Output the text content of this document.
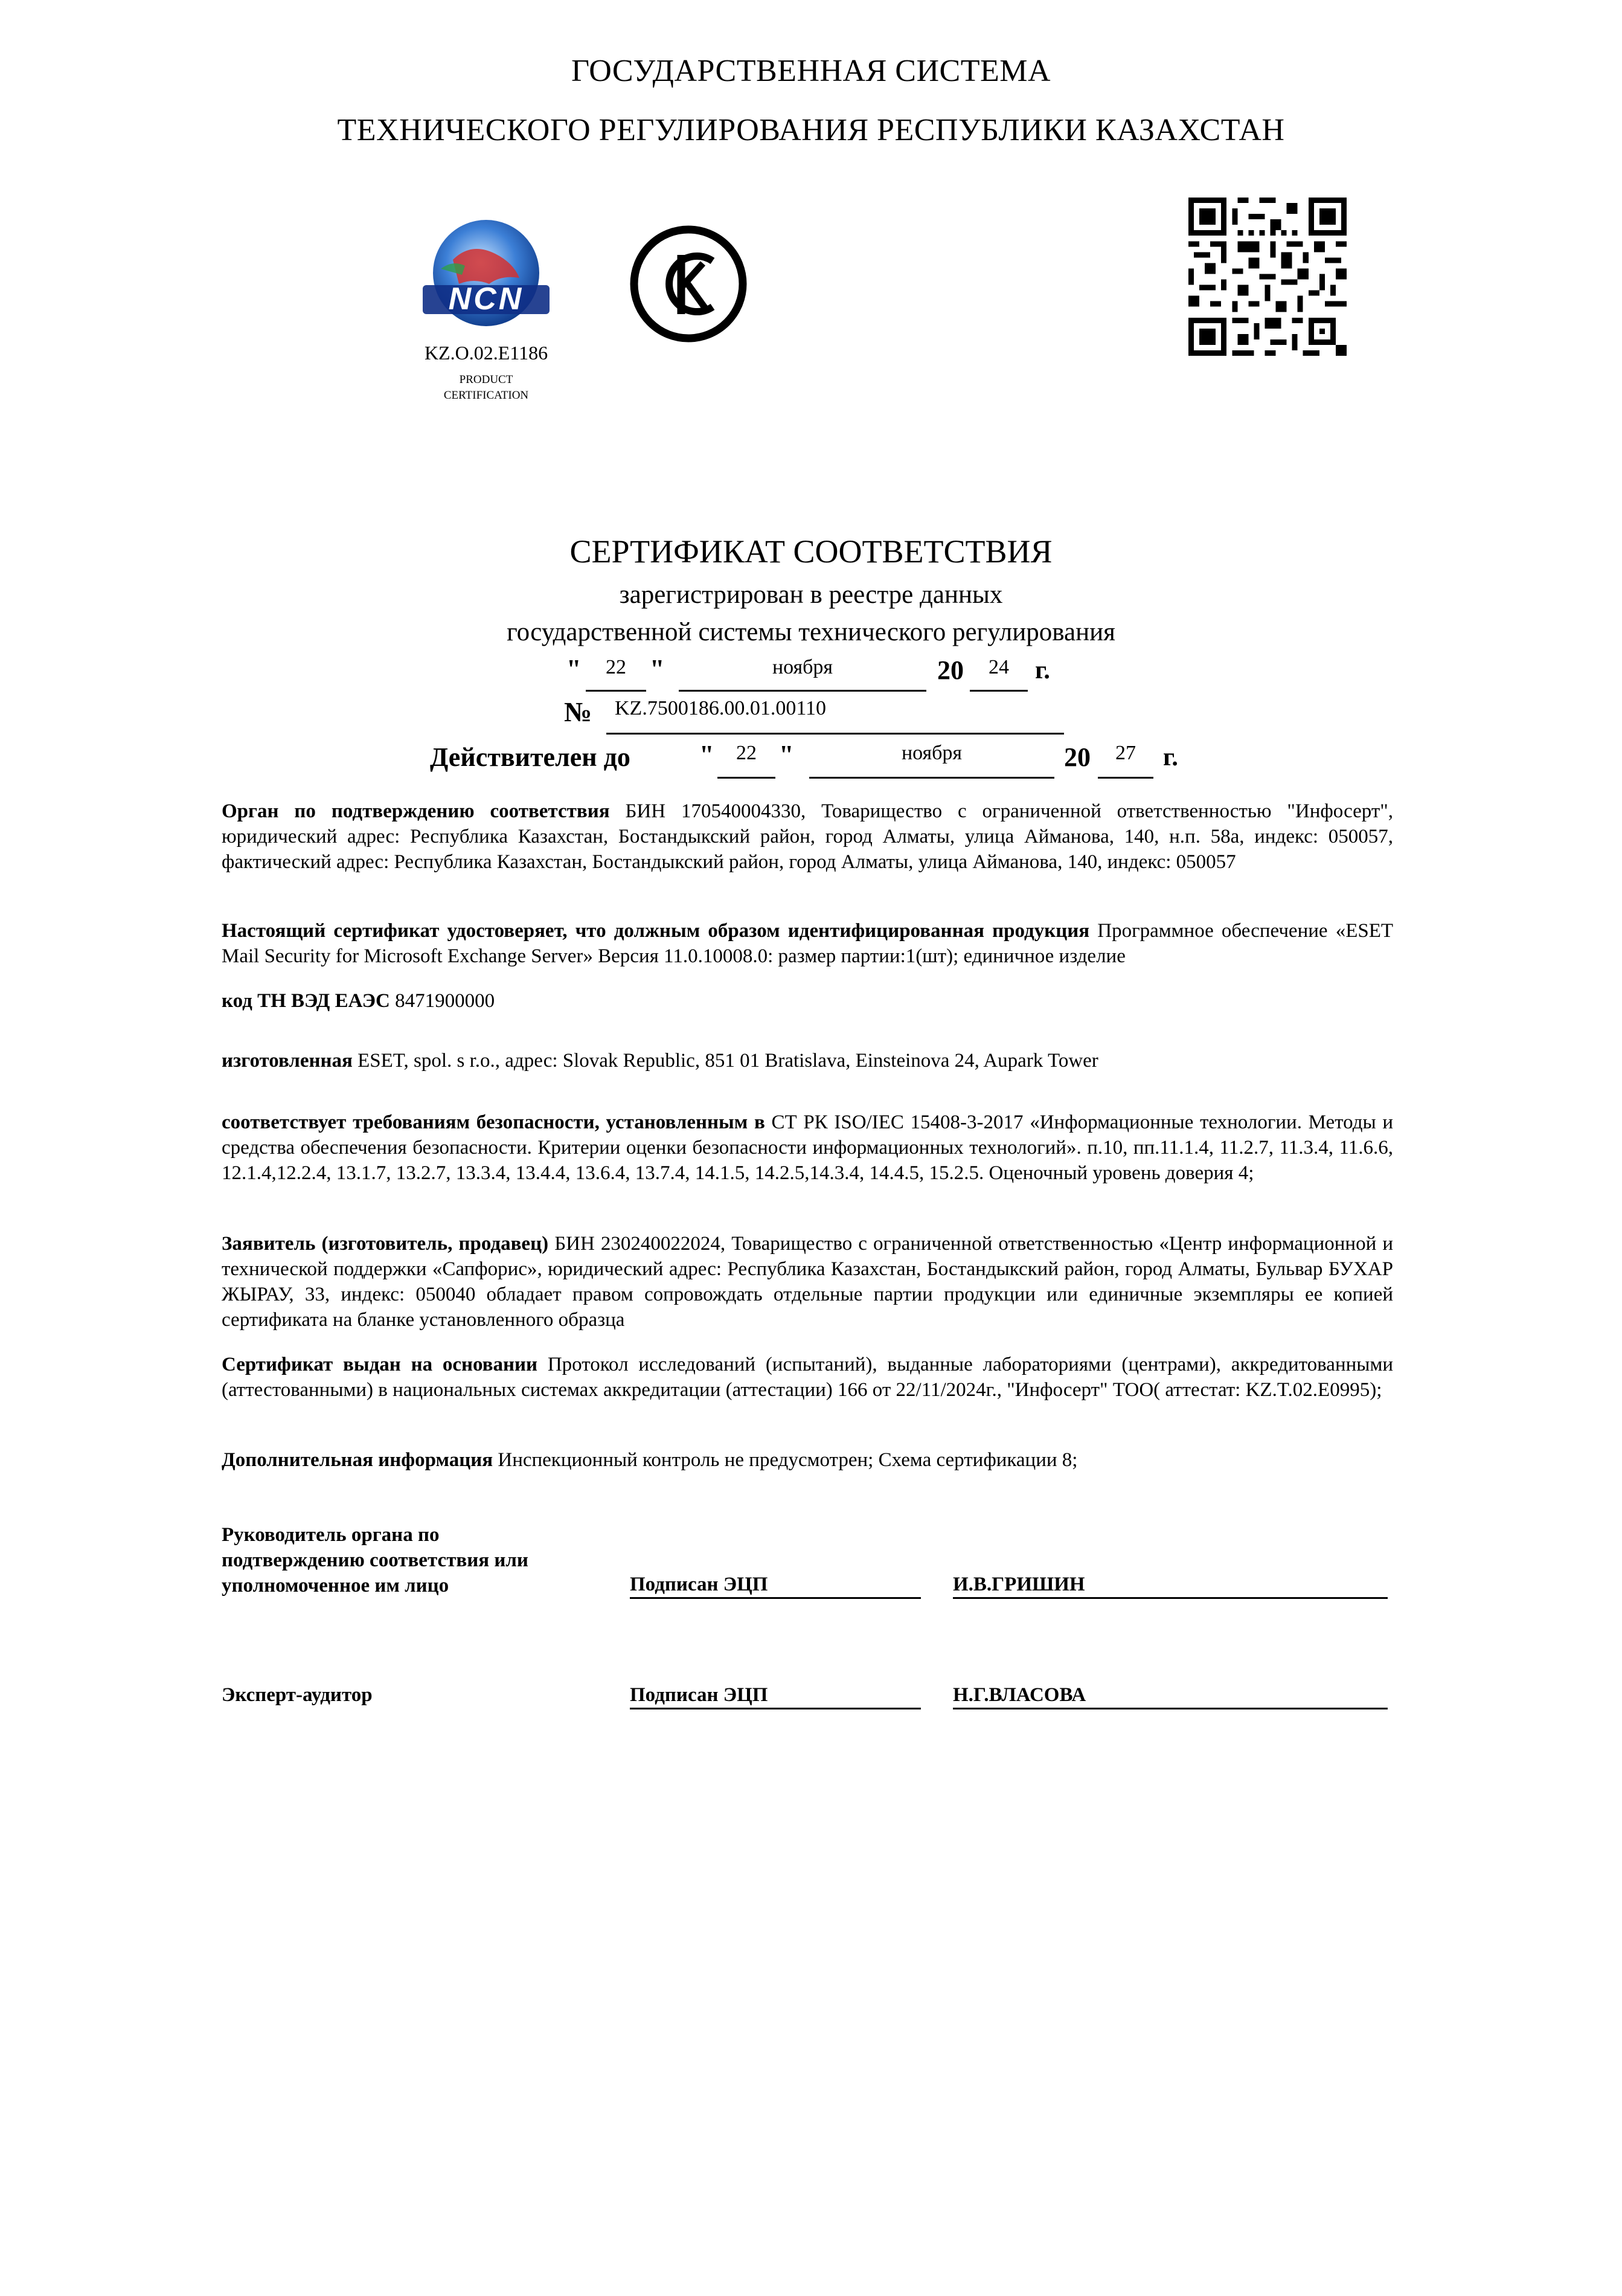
ГОСУДАРСТВЕННАЯ СИСТЕМА
ТЕХНИЧЕСКОГО РЕГУЛИРОВАНИЯ РЕСПУБЛИКИ КАЗАХСТАН
NCN
KZ.O.02.E1186
PRODUCT
CERTIFICATION
СЕРТИФИКАТ СООТВЕТСТВИЯ
зарегистрирован в реестре данных
государственной системы технического регулирования
"	22 "	ноября	20	24	г.
№	KZ.7500186.00.01.00110
Действителен до	"	22 "	ноября	20	27	г.
Орган по подтверждению соответствия БИН 170540004330, Товарищество с ограниченной ответственностью "Инфосерт", юридический адрес: Республика Казахстан, Бостандыкский район, город Алматы, улица Айманова, 140, н.п. 58а, индекс: 050057, фактический адрес: Республика Казахстан, Бостандыкский район, город Алматы, улица Айманова, 140, индекс: 050057
Настоящий сертификат удостоверяет, что должным образом идентифицированная продукция Программное обеспечение «ESET Mail Security for Microsoft Exchange Server» Версия 11.0.10008.0: размер партии:1(шт); единичное изделие
код ТН ВЭД ЕАЭС 8471900000
изготовленная ESET, spol. s r.o., адрес: Slovak Republic, 851 01 Bratislava, Einsteinova 24, Aupark Tower
соответствует требованиям безопасности, установленным в СТ РК ISO/IEC 15408-3-2017 «Информационные технологии. Методы и средства обеспечения безопасности. Критерии оценки безопасности информационных технологий». п.10, пп.11.1.4, 11.2.7, 11.3.4, 11.6.6, 12.1.4,12.2.4, 13.1.7, 13.2.7, 13.3.4, 13.4.4, 13.6.4, 13.7.4, 14.1.5, 14.2.5,14.3.4, 14.4.5, 15.2.5. Оценочный уровень доверия 4;
Заявитель (изготовитель, продавец) БИН 230240022024, Товарищество с ограниченной ответственностью «Центр информационной и технической поддержки «Сапфорис», юридический адрес: Республика Казахстан, Бостандыкский район, город Алматы, Бульвар БУХАР ЖЫРАУ, 33, индекс: 050040 обладает правом сопровождать отдельные партии продукции или единичные экземпляры ее копией сертификата на бланке установленного образца
Сертификат выдан на основании Протокол исследований (испытаний), выданные лабораториями (центрами), аккредитованными (аттестованными) в национальных системах аккредитации (аттестации) 166 от 22/11/2024г., "Инфосерт" ТОО( аттестат: KZ.T.02.E0995);
Дополнительная информация Инспекционный контроль не предусмотрен; Схема сертификации 8;
Руководитель органа по
подтверждению соответствия или
уполномоченное им лицо	Подписан ЭЦП	И.В.ГРИШИН
Эксперт-аудитор	Подписан ЭЦП	Н.Г.ВЛАСОВА
